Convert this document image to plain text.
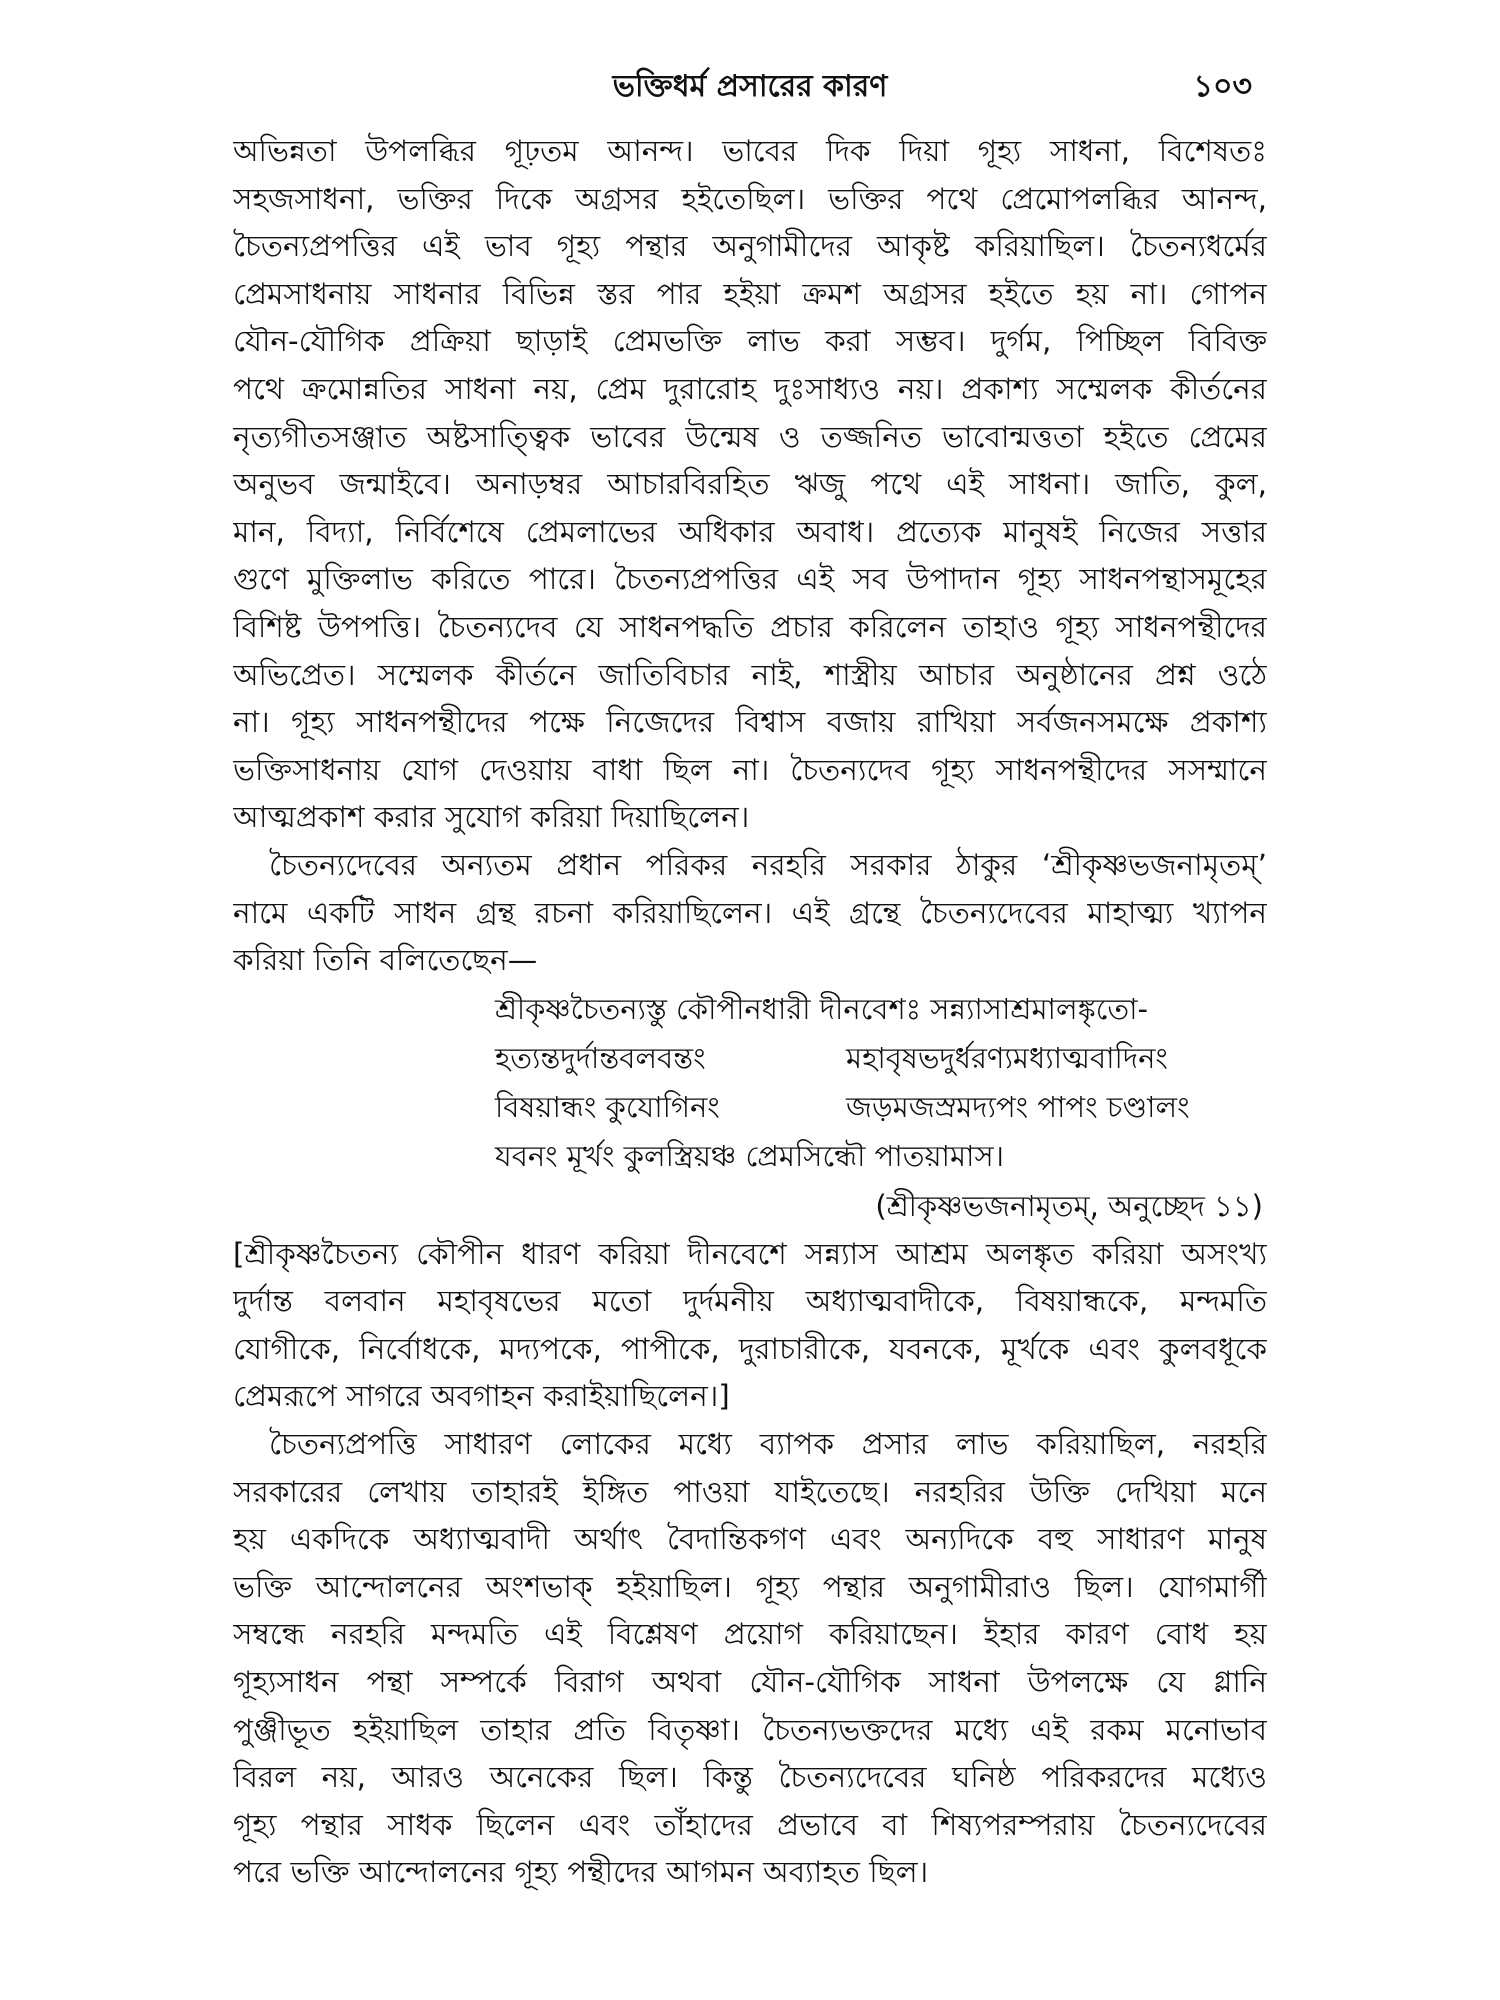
ভক্তিধর্ম প্রসারের কারণ	১০৩
অভিন্নতা উপলব্ধির গূঢ়তম আনন্দ। ভাবের দিক দিয়া গূহ্য সাধনা, বিশেষতঃ
সহজসাধনা, ভক্তির দিকে অগ্রসর হইতেছিল। ভক্তির পথে প্রেমোপলব্ধির আনন্দ,
চৈতন্যপ্রপত্তির এই ভাব গূহ্য পন্থার অনুগামীদের আকৃষ্ট করিয়াছিল। চৈতন্যধর্মের
প্রেমসাধনায় সাধনার বিভিন্ন স্তর পার হইয়া ক্রমশ অগ্রসর হইতে হয় না। গোপন
যৌন-যৌগিক প্রক্রিয়া ছাড়াই প্রেমভক্তি লাভ করা সম্ভব। দুর্গম, পিচ্ছিল বিবিক্ত
পথে ক্রমোন্নতির সাধনা নয়, প্রেম দুরারোহ দুঃসাধ্যও নয়। প্রকাশ্য সম্মেলক কীর্তনের
নৃত্যগীতসঞ্জাত অষ্টসাত্ত্বিক ভাবের উন্মেষ ও তজ্জনিত ভাবোন্মত্ততা হইতে প্রেমের
অনুভব জন্মাইবে। অনাড়ম্বর আচারবিরহিত ঋজু পথে এই সাধনা। জাতি, কুল,
মান, বিদ্যা, নির্বিশেষে প্রেমলাভের অধিকার অবাধ। প্রত্যেক মানুষই নিজের সত্তার
গুণে মুক্তিলাভ করিতে পারে। চৈতন্যপ্রপত্তির এই সব উপাদান গূহ্য সাধনপন্থাসমূহের
বিশিষ্ট উপপত্তি। চৈতন্যদেব যে সাধনপদ্ধতি প্রচার করিলেন তাহাও গূহ্য সাধনপন্থীদের
অভিপ্রেত। সম্মেলক কীর্তনে জাতিবিচার নাই, শাস্ত্রীয় আচার অনুষ্ঠানের প্রশ্ন ওঠে
না। গূহ্য সাধনপন্থীদের পক্ষে নিজেদের বিশ্বাস বজায় রাখিয়া সর্বজনসমক্ষে প্রকাশ্য
ভক্তিসাধনায় যোগ দেওয়ায় বাধা ছিল না। চৈতন্যদেব গূহ্য সাধনপন্থীদের সসম্মানে
আত্মপ্রকাশ করার সুযোগ করিয়া দিয়াছিলেন।
চৈতন্যদেবের অন্যতম প্রধান পরিকর নরহরি সরকার ঠাকুর ‘শ্রীকৃষ্ণভজনামৃতম্’
নামে একটি সাধন গ্রন্থ রচনা করিয়াছিলেন। এই গ্রন্থে চৈতন্যদেবের মাহাত্ম্য খ্যাপন
করিয়া তিনি বলিতেছেন—
শ্রীকৃষ্ণচৈতন্যস্তু কৌপীনধারী দীনবেশঃ সন্ন্যাসাশ্রমালঙ্কৃতো-
হত্যন্তদুর্দান্তবলবন্তং	মহাবৃষভদুর্ধরণ্যমধ্যাত্মবাদিনং
বিষয়ান্ধং কুযোগিনং	জড়মজস্রমদ্যপং পাপং চণ্ডালং
যবনং মূর্খং কুলস্ত্রিয়ঞ্চ প্রেমসিন্ধৌ পাতয়ামাস।
(শ্রীকৃষ্ণভজনামৃতম্, অনুচ্ছেদ ১১)
[শ্রীকৃষ্ণচৈতন্য কৌপীন ধারণ করিয়া দীনবেশে সন্ন্যাস আশ্রম অলঙ্কৃত করিয়া অসংখ্য
দুর্দান্ত বলবান মহাবৃষভের মতো দুর্দমনীয় অধ্যাত্মবাদীকে, বিষয়ান্ধকে, মন্দমতি
যোগীকে, নির্বোধকে, মদ্যপকে, পাপীকে, দুরাচারীকে, যবনকে, মূর্খকে এবং কুলবধূকে
প্রেমরূপে সাগরে অবগাহন করাইয়াছিলেন।]
চৈতন্যপ্রপত্তি সাধারণ লোকের মধ্যে ব্যাপক প্রসার লাভ করিয়াছিল, নরহরি
সরকারের লেখায় তাহারই ইঙ্গিত পাওয়া যাইতেছে। নরহরির উক্তি দেখিয়া মনে
হয় একদিকে অধ্যাত্মবাদী অর্থাৎ বৈদান্তিকগণ এবং অন্যদিকে বহু সাধারণ মানুষ
ভক্তি আন্দোলনের অংশভাক্ হইয়াছিল। গূহ্য পন্থার অনুগামীরাও ছিল। যোগমার্গী
সম্বন্ধে নরহরি মন্দমতি এই বিশ্লেষণ প্রয়োগ করিয়াছেন। ইহার কারণ বোধ হয়
গূহ্যসাধন পন্থা সম্পর্কে বিরাগ অথবা যৌন-যৌগিক সাধনা উপলক্ষে যে গ্লানি
পুঞ্জীভূত হইয়াছিল তাহার প্রতি বিতৃষ্ণা। চৈতন্যভক্তদের মধ্যে এই রকম মনোভাব
বিরল নয়, আরও অনেকের ছিল। কিন্তু চৈতন্যদেবের ঘনিষ্ঠ পরিকরদের মধ্যেও
গূহ্য পন্থার সাধক ছিলেন এবং তাঁহাদের প্রভাবে বা শিষ্যপরম্পরায় চৈতন্যদেবের
পরে ভক্তি আন্দোলনের গূহ্য পন্থীদের আগমন অব্যাহত ছিল।
